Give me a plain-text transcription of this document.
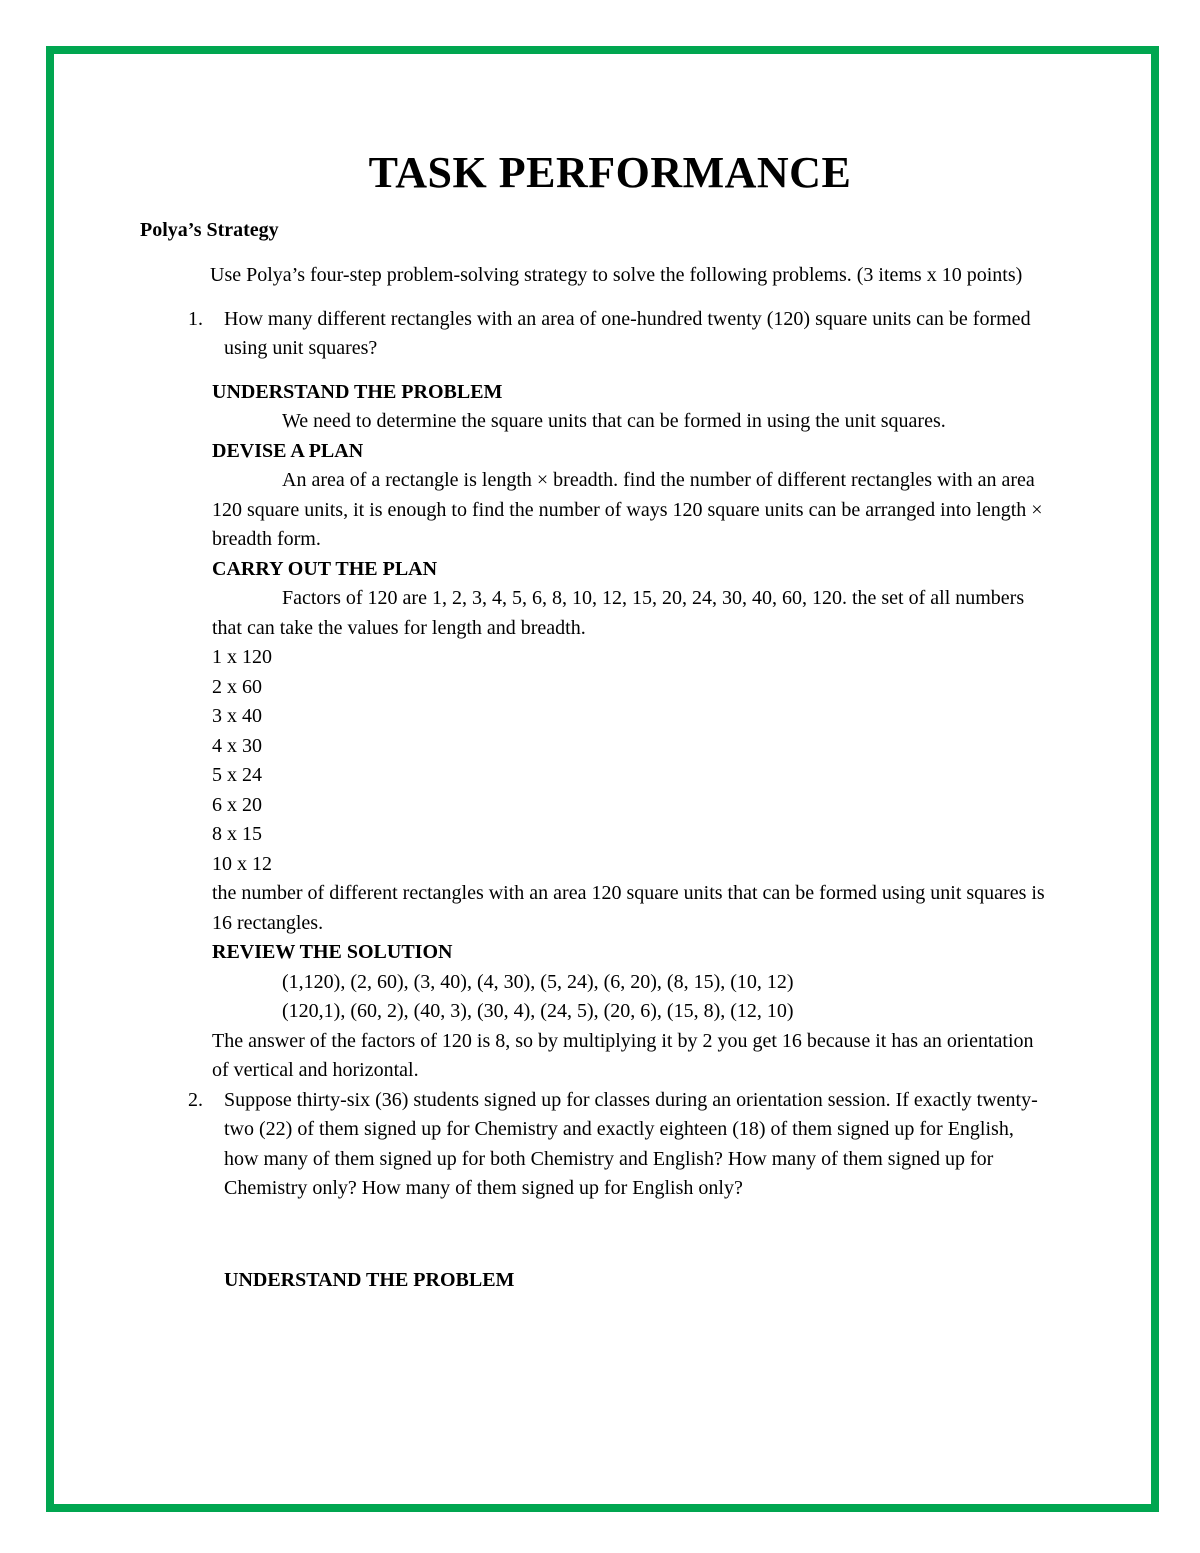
TASK PERFORMANCE
Polya’s Strategy
Use Polya’s four-step problem-solving strategy to solve the following problems. (3 items x 10 points)
1.	How many different rectangles with an area of one-hundred twenty (120) square units can be formed using unit squares?
UNDERSTAND THE PROBLEM
We need to determine the square units that can be formed in using the unit squares.
DEVISE A PLAN
An area of a rectangle is length × breadth. find the number of different rectangles with an area 120 square units, it is enough to find the number of ways 120 square units can be arranged into length × breadth form.
CARRY OUT THE PLAN
Factors of 120 are 1, 2, 3, 4, 5, 6, 8, 10, 12, 15, 20, 24, 30, 40, 60, 120. the set of all numbers that can take the values for length and breadth.
1 x 120
2 x 60
3 x 40
4 x 30
5 x 24
6 x 20
8 x 15
10 x 12
the number of different rectangles with an area 120 square units that can be formed using unit squares is 16 rectangles.
REVIEW THE SOLUTION
(1,120), (2, 60), (3, 40), (4, 30), (5, 24), (6, 20), (8, 15), (10, 12)
(120,1), (60, 2), (40, 3), (30, 4), (24, 5), (20, 6), (15, 8), (12, 10)
The answer of the factors of 120 is 8, so by multiplying it by 2 you get 16 because it has an orientation of vertical and horizontal.
2.	Suppose thirty-six (36) students signed up for classes during an orientation session. If exactly twenty- two (22) of them signed up for Chemistry and exactly eighteen (18) of them signed up for English, how many of them signed up for both Chemistry and English? How many of them signed up for Chemistry only? How many of them signed up for English only?
UNDERSTAND THE PROBLEM
